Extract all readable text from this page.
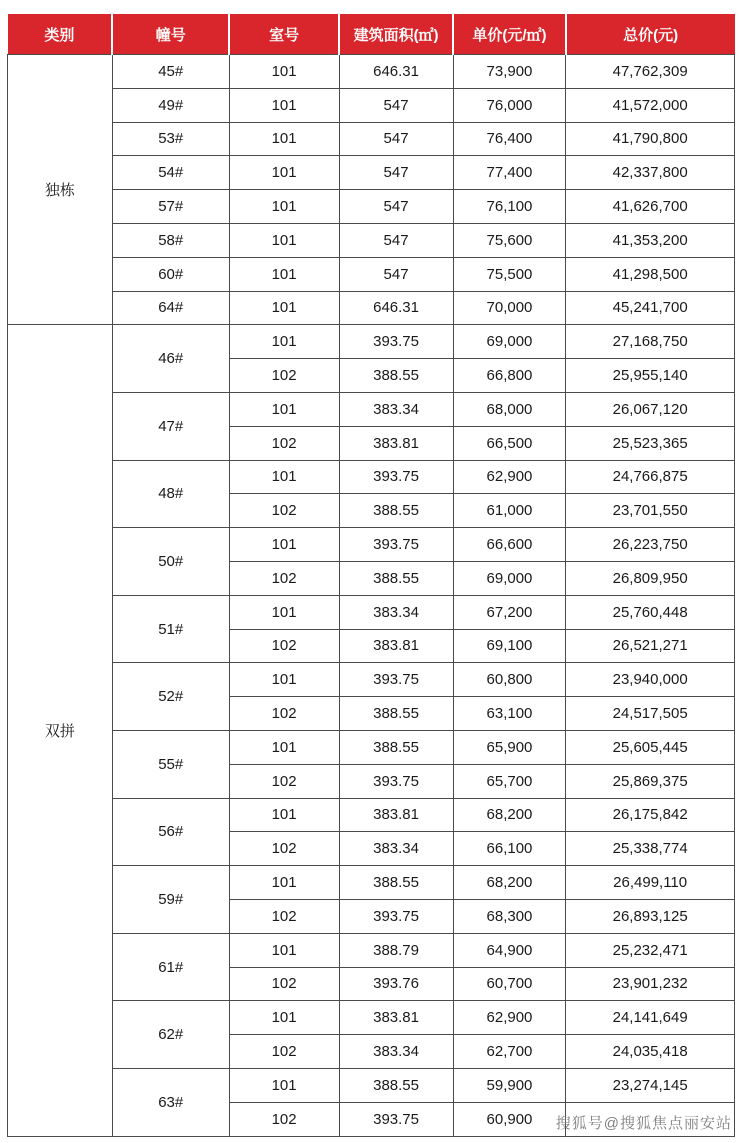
类别	幢号	室号	建筑面积(㎡)	单价(元/㎡)	总价(元)
独栋	45#	101	646.31	73,900	47,762,309
	49#	101	547	76,000	41,572,000
	53#	101	547	76,400	41,790,800
	54#	101	547	77,400	42,337,800
	57#	101	547	76,100	41,626,700
	58#	101	547	75,600	41,353,200
	60#	101	547	75,500	41,298,500
	64#	101	646.31	70,000	45,241,700
双拼	46#	101	393.75	69,000	27,168,750
		102	388.55	66,800	25,955,140
	47#	101	383.34	68,000	26,067,120
		102	383.81	66,500	25,523,365
	48#	101	393.75	62,900	24,766,875
		102	388.55	61,000	23,701,550
	50#	101	393.75	66,600	26,223,750
		102	388.55	69,000	26,809,950
	51#	101	383.34	67,200	25,760,448
		102	383.81	69,100	26,521,271
	52#	101	393.75	60,800	23,940,000
		102	388.55	63,100	24,517,505
	55#	101	388.55	65,900	25,605,445
		102	393.75	65,700	25,869,375
	56#	101	383.81	68,200	26,175,842
		102	383.34	66,100	25,338,774
	59#	101	388.55	68,200	26,499,110
		102	393.75	68,300	26,893,125
	61#	101	388.79	64,900	25,232,471
		102	393.76	60,700	23,901,232
	62#	101	383.81	62,900	24,141,649
		102	383.34	62,700	24,035,418
	63#	101	388.55	59,900	23,274,145
		102	393.75	60,900	搜狐号@搜狐焦点丽安站
